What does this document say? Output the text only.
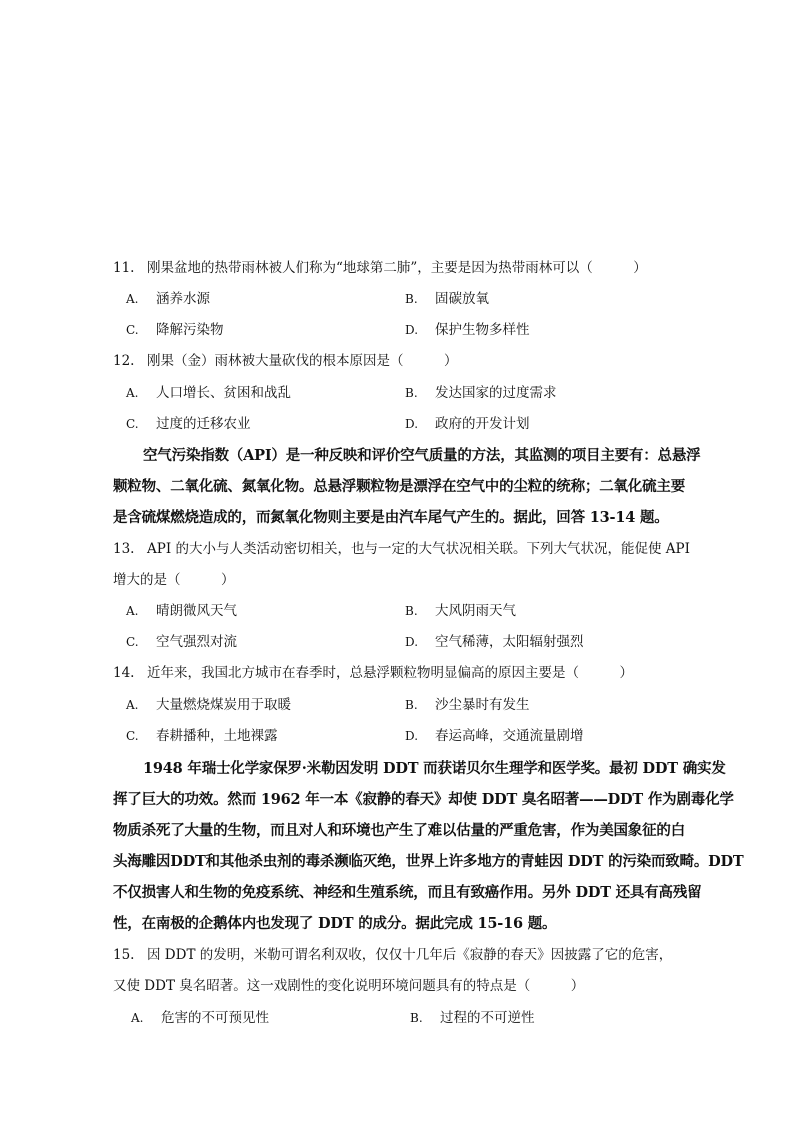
11. 刚果盆地的热带雨林被人们称为“地球第二肺”，主要是因为热带雨林可以（　　　）
A. 涵养水源	B. 固碳放氧
C. 降解污染物	D. 保护生物多样性
12. 刚果（金）雨林被大量砍伐的根本原因是（　　　）
A. 人口增长、贫困和战乱	B. 发达国家的过度需求
C. 过度的迁移农业	D. 政府的开发计划

空气污染指数（API）是一种反映和评价空气质量的方法，其监测的项目主要有：总悬浮

颗粒物、二氧化硫、氮氧化物。总悬浮颗粒物是漂浮在空气中的尘粒的统称；二氧化硫主要

是含硫煤燃烧造成的，而氮氧化物则主要是由汽车尾气产生的。据此，回答 13-14 题。

13. API 的大小与人类活动密切相关，也与一定的大气状况相关联。下列大气状况，能促使 API
增大的是（　　　）
A. 晴朗微风天气	B. 大风阴雨天气
C. 空气强烈对流	D. 空气稀薄，太阳辐射强烈
14. 近年来，我国北方城市在春季时，总悬浮颗粒物明显偏高的原因主要是（　　　）
A. 大量燃烧煤炭用于取暖	B. 沙尘暴时有发生
C. 春耕播种，土地裸露	D. 春运高峰，交通流量剧增

1948 年瑞士化学家保罗·米勒因发明 DDT 而获诺贝尔生理学和医学奖。最初 DDT 确实发

挥了巨大的功效。然而 1962 年一本《寂静的春天》却使 DDT 臭名昭著——DDT 作为剧毒化学

物质杀死了大量的生物，而且对人和环境也产生了难以估量的严重危害，作为美国象征的白

头海雕因DDT和其他杀虫剂的毒杀濒临灭绝，世界上许多地方的青蛙因 DDT 的污染而致畸。DDT

不仅损害人和生物的免疫系统、神经和生殖系统，而且有致癌作用。另外 DDT 还具有高残留

性，在南极的企鹅体内也发现了 DDT 的成分。据此完成 15-16 题。

15. 因 DDT 的发明，米勒可谓名利双收，仅仅十几年后《寂静的春天》因披露了它的危害，
又使 DDT 臭名昭著。这一戏剧性的变化说明环境问题具有的特点是（　　　）
A. 危害的不可预见性	B. 过程的不可逆性
